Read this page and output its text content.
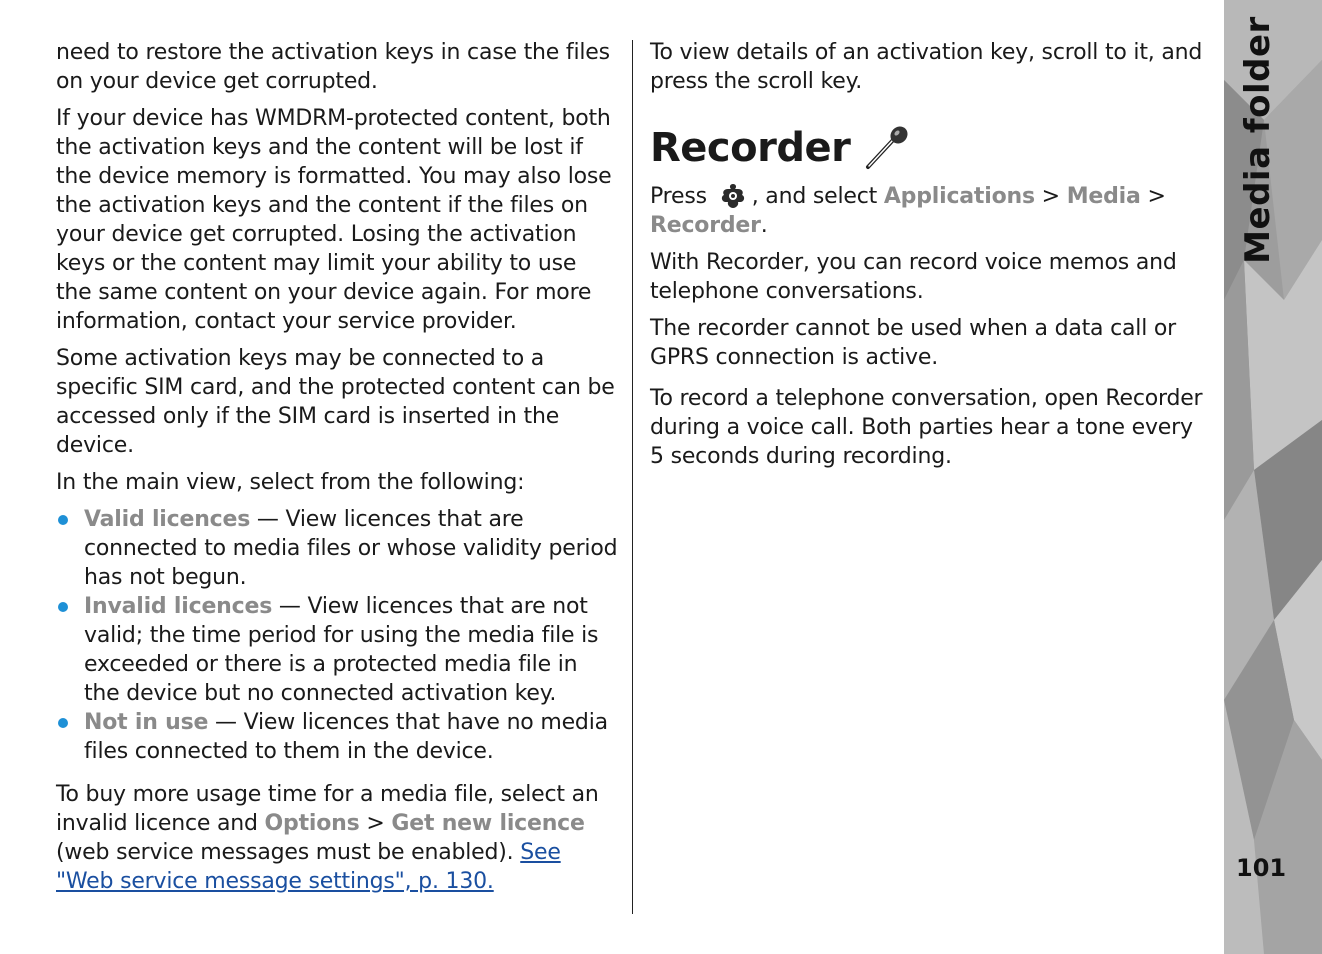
need to restore the activation keys in case the files on your device get corrupted.

If your device has WMDRM-protected content, both the activation keys and the content will be lost if the device memory is formatted. You may also lose the activation keys and the content if the files on your device get corrupted. Losing the activation keys or the content may limit your ability to use the same content on your device again. For more information, contact your service provider.

Some activation keys may be connected to a specific SIM card, and the protected content can be accessed only if the SIM card is inserted in the device.

In the main view, select from the following:

Valid licences — View licences that are connected to media files or whose validity period has not begun.
Invalid licences — View licences that are not valid; the time period for using the media file is exceeded or there is a protected media file in the device but no connected activation key.
Not in use — View licences that have no media files connected to them in the device.

To buy more usage time for a media file, select an invalid licence and Options > Get new licence (web service messages must be enabled). See "Web service message settings", p. 130.

To view details of an activation key, scroll to it, and press the scroll key.

Recorder

Press , and select Applications > Media > Recorder.

With Recorder, you can record voice memos and telephone conversations.

The recorder cannot be used when a data call or GPRS connection is active.

To record a telephone conversation, open Recorder during a voice call. Both parties hear a tone every 5 seconds during recording.

Media folder
101
